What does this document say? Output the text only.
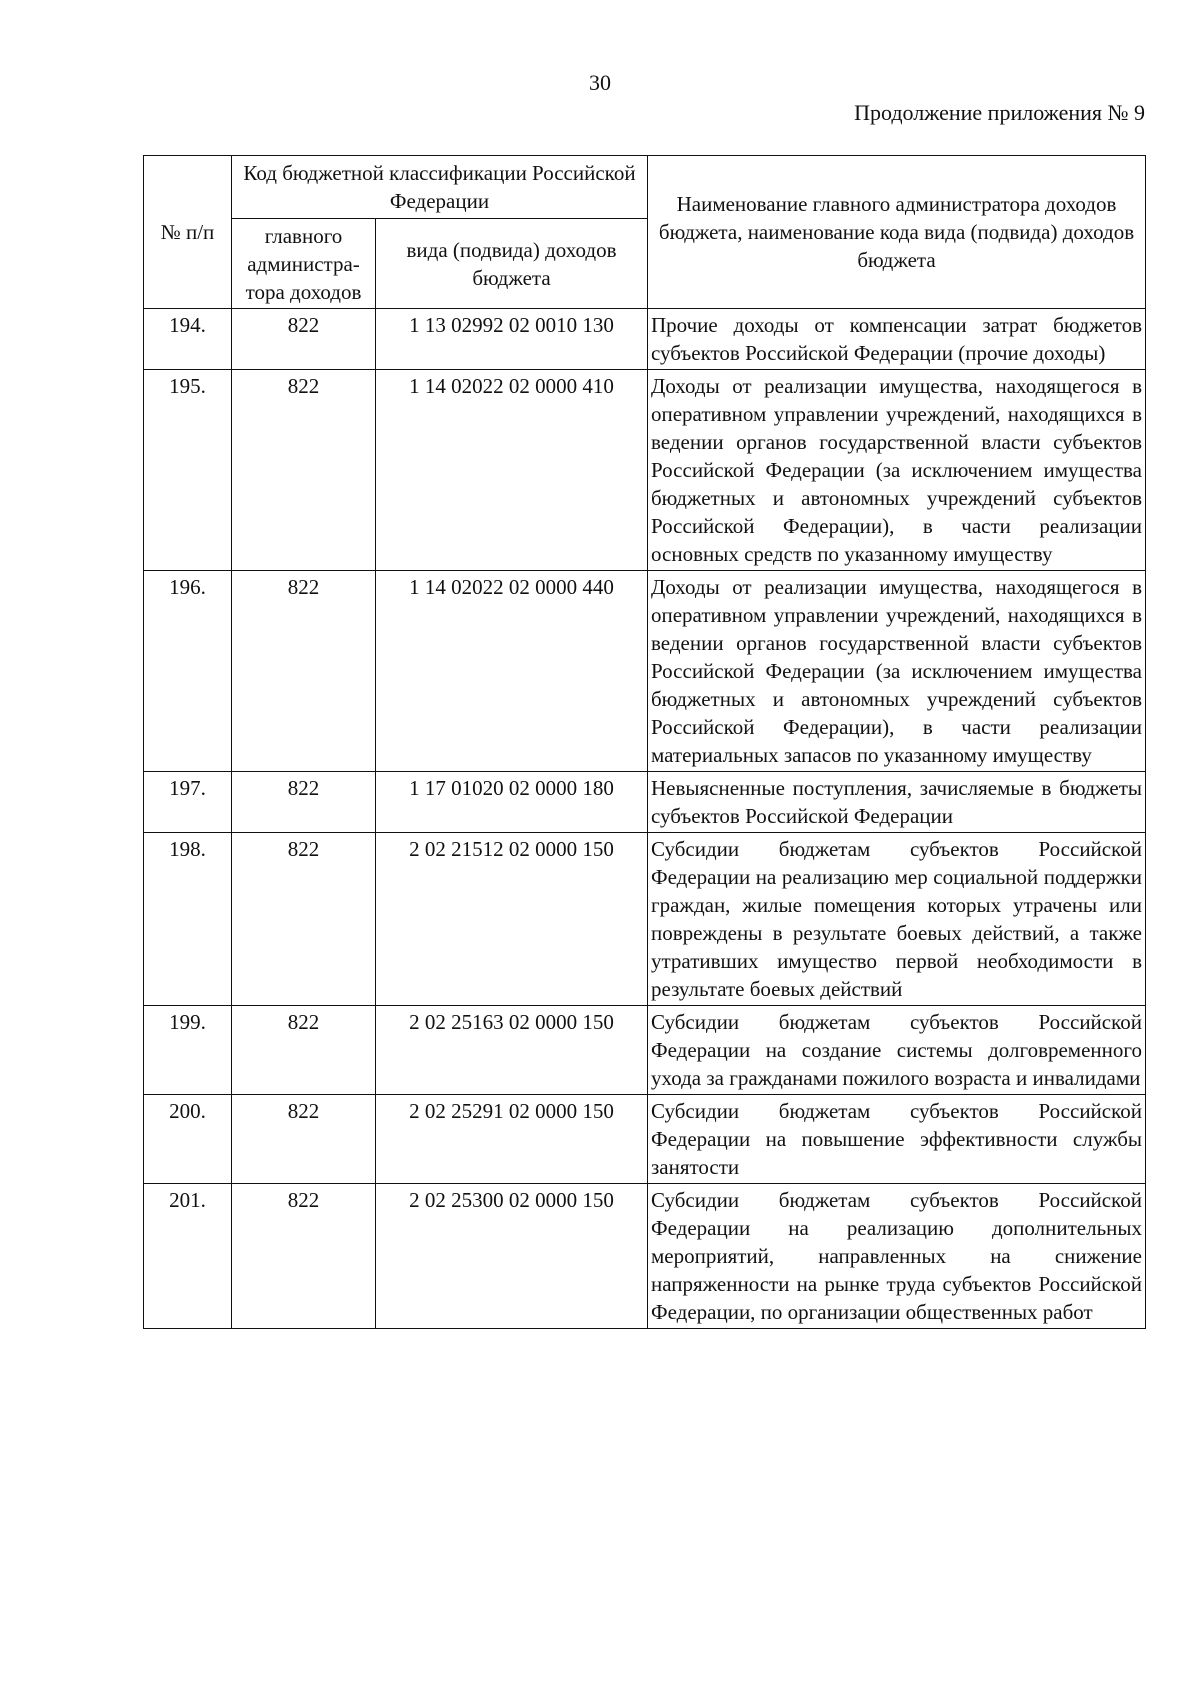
30
Продолжение приложения № 9
№ п/п	Код бюджетной классификации Российской Федерации		Наименование главного администратора доходов бюджета, наименование кода вида (подвида) доходов бюджета
	главного администра-тора доходов	вида (подвида) доходов бюджета	
194.	822	1 13 02992 02 0010 130	Прочие доходы от компенсации затрат бюджетов субъектов Российской Федерации (прочие доходы)
195.	822	1 14 02022 02 0000 410	Доходы от реализации имущества, находящегося в оперативном управлении учреждений, находящихся в ведении органов государственной власти субъектов Российской Федерации (за исключением имущества бюджетных и автономных учреждений субъектов Российской Федерации), в части реализации основных средств по указанному имуществу
196.	822	1 14 02022 02 0000 440	Доходы от реализации имущества, находящегося в оперативном управлении учреждений, находящихся в ведении органов государственной власти субъектов Российской Федерации (за исключением имущества бюджетных и автономных учреждений субъектов Российской Федерации), в части реализации материальных запасов по указанному имуществу
197.	822	1 17 01020 02 0000 180	Невыясненные поступления, зачисляемые в бюджеты субъектов Российской Федерации
198.	822	2 02 21512 02 0000 150	Субсидии бюджетам субъектов Российской Федерации на реализацию мер социальной поддержки граждан, жилые помещения которых утрачены или повреждены в результате боевых действий, а также утративших имущество первой необходимости в результате боевых действий
199.	822	2 02 25163 02 0000 150	Субсидии бюджетам субъектов Российской Федерации на создание системы долговременного ухода за гражданами пожилого возраста и инвалидами
200.	822	2 02 25291 02 0000 150	Субсидии бюджетам субъектов Российской Федерации на повышение эффективности службы занятости
201.	822	2 02 25300 02 0000 150	Субсидии бюджетам субъектов Российской Федерации на реализацию дополнительных мероприятий, направленных на снижение напряженности на рынке труда субъектов Российской Федерации, по организации общественных работ
